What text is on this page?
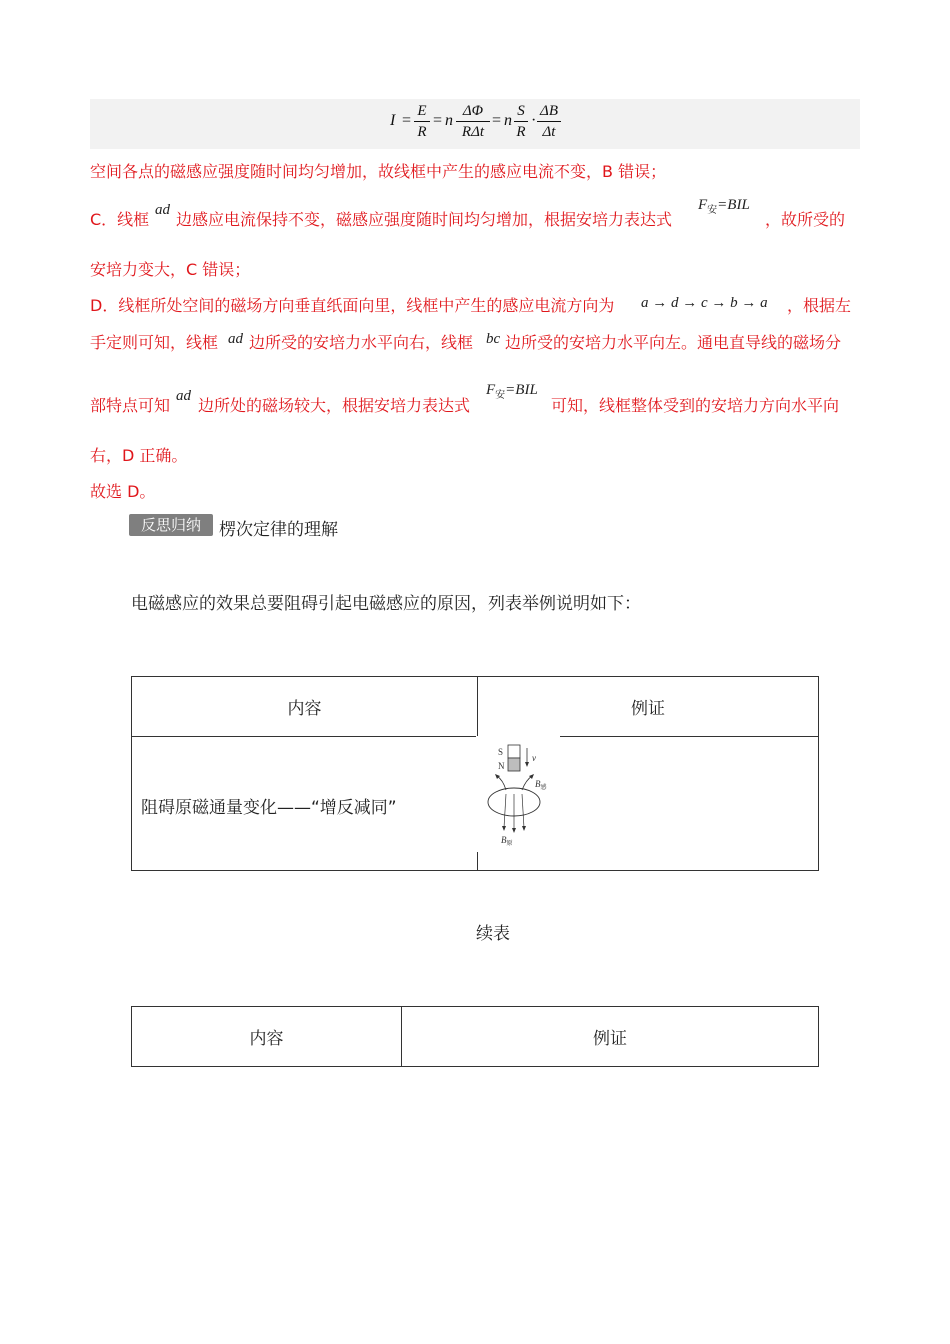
$I = \frac{E}{R} = n$
ΔΦ
RΔt
= n $\frac{S}{R} \cdot \frac{\Delta B}{\Delta t}$
空间各点的磁感应强度随时间均匀增加，故线框中产生的感应电流不变，B 错误；
C．线框 ad 边感应电流保持不变，磁感应强度随时间均匀增加，根据安培力表达式
$F_安=BIL$
，故所受的
安培力变大，C 错误；
D．线框所处空间的磁场方向垂直纸面向里，线框中产生的感应电流方向为 a → d → c → b → a ，根据左
手定则可知，线框 ad 边所受的安培力水平向右，线框 bc 边所受的安培力水平向左。通电直导线的磁场分
部特点可知 ad 边所处的磁场较大，根据安培力表达式
$F_安=BIL$
可知，线框整体受到的安培力方向水平向
右，D 正确。
故选 D。
反思归纳	楞次定律的理解
电磁感应的效果总要阻碍引起电磁感应的原因，列表举例说明如下：
内容	例证
阻碍原磁通量变化——“增反减同”	
S
N
v
$B_感$
$B_原$
续表
内容	例证
